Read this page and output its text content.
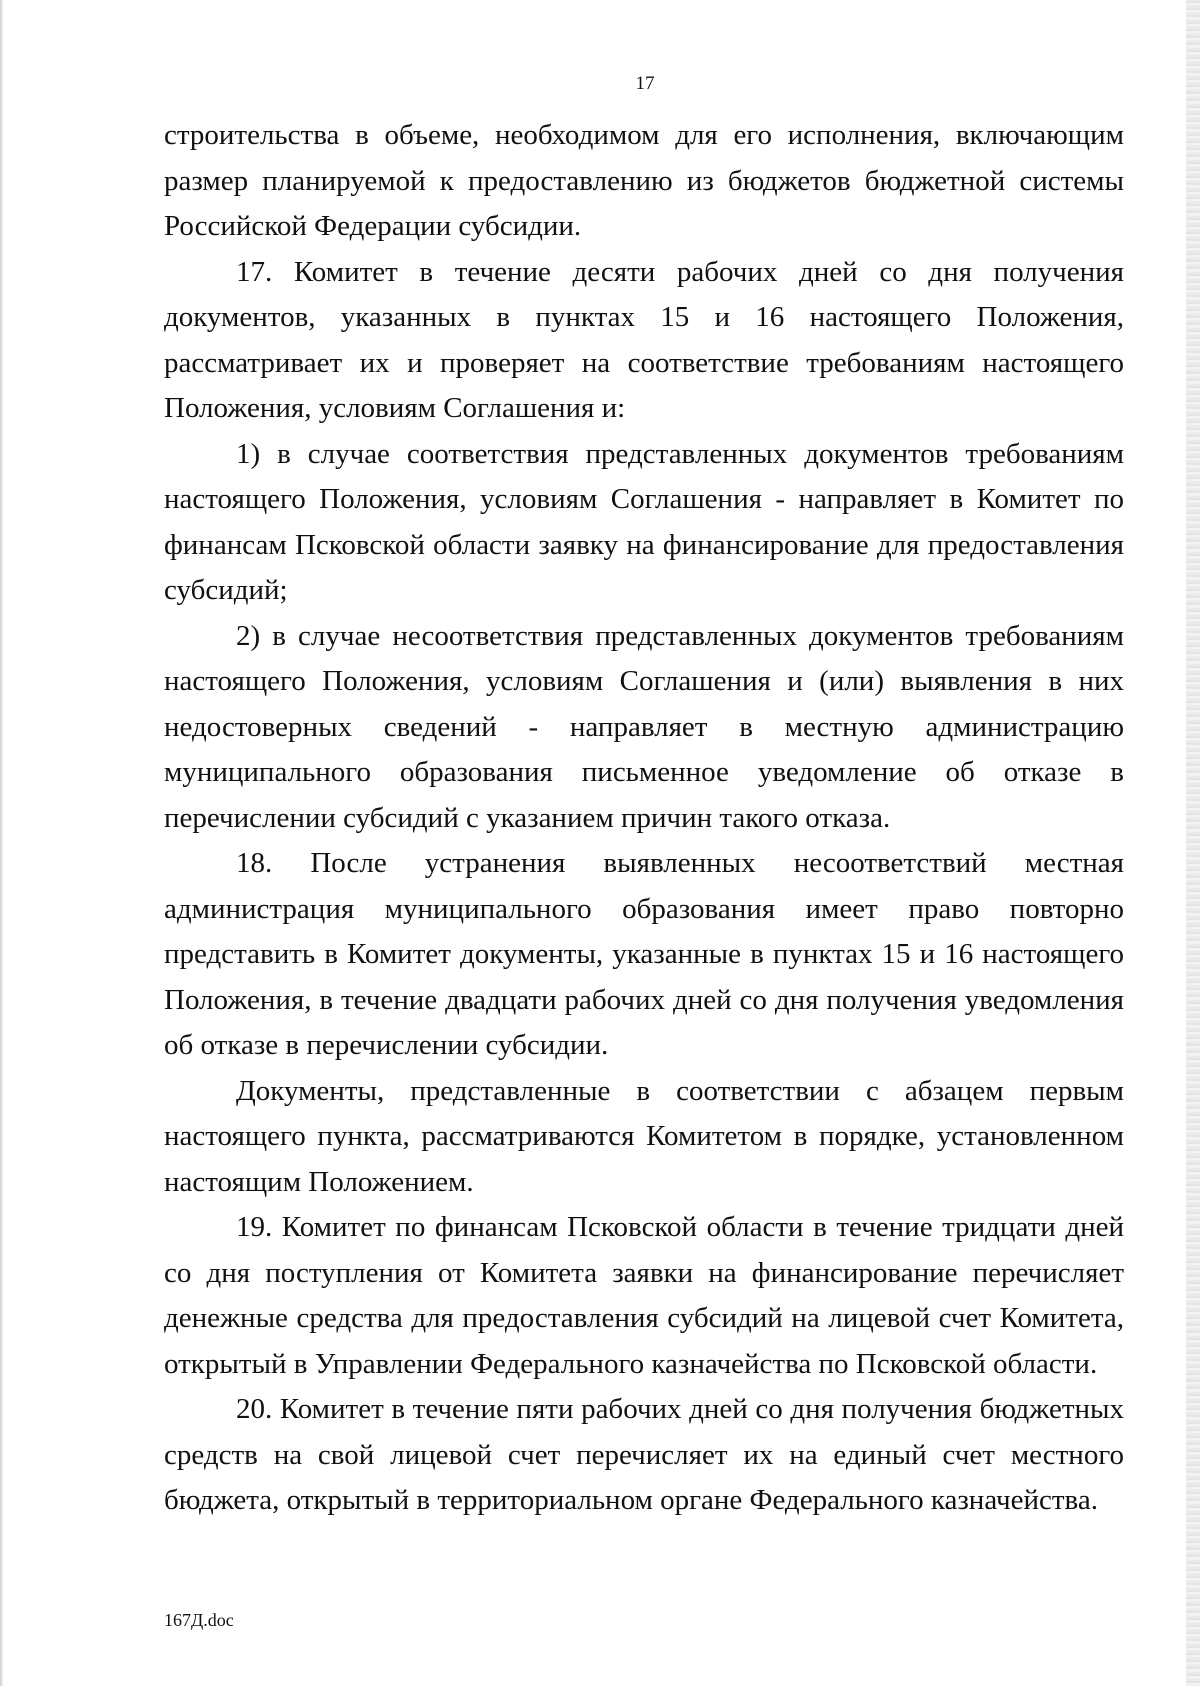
17

строительства в объеме, необходимом для его исполнения, включающим размер планируемой к предоставлению из бюджетов бюджетной системы Российской Федерации субсидии.

17. Комитет в течение десяти рабочих дней со дня получения документов, указанных в пунктах 15 и 16 настоящего Положения, рассматривает их и проверяет на соответствие требованиям настоящего Положения, условиям Соглашения и:

1) в случае соответствия представленных документов требованиям настоящего Положения, условиям Соглашения - направляет в Комитет по финансам Псковской области заявку на финансирование для предоставления субсидий;

2) в случае несоответствия представленных документов требованиям настоящего Положения, условиям Соглашения и (или) выявления в них недостоверных сведений - направляет в местную администрацию муниципального образования письменное уведомление об отказе в перечислении субсидий с указанием причин такого отказа.

18. После устранения выявленных несоответствий местная администрация муниципального образования имеет право повторно представить в Комитет документы, указанные в пунктах 15 и 16 настоящего Положения, в течение двадцати рабочих дней со дня получения уведомления об отказе в перечислении субсидии.

Документы, представленные в соответствии с абзацем первым настоящего пункта, рассматриваются Комитетом в порядке, установленном настоящим Положением.

19. Комитет по финансам Псковской области в течение тридцати дней со дня поступления от Комитета заявки на финансирование перечисляет денежные средства для предоставления субсидий на лицевой счет Комитета, открытый в Управлении Федерального казначейства по Псковской области.

20. Комитет в течение пяти рабочих дней со дня получения бюджетных средств на свой лицевой счет перечисляет их на единый счет местного бюджета, открытый в территориальном органе Федерального казначейства.

167Д.doc
